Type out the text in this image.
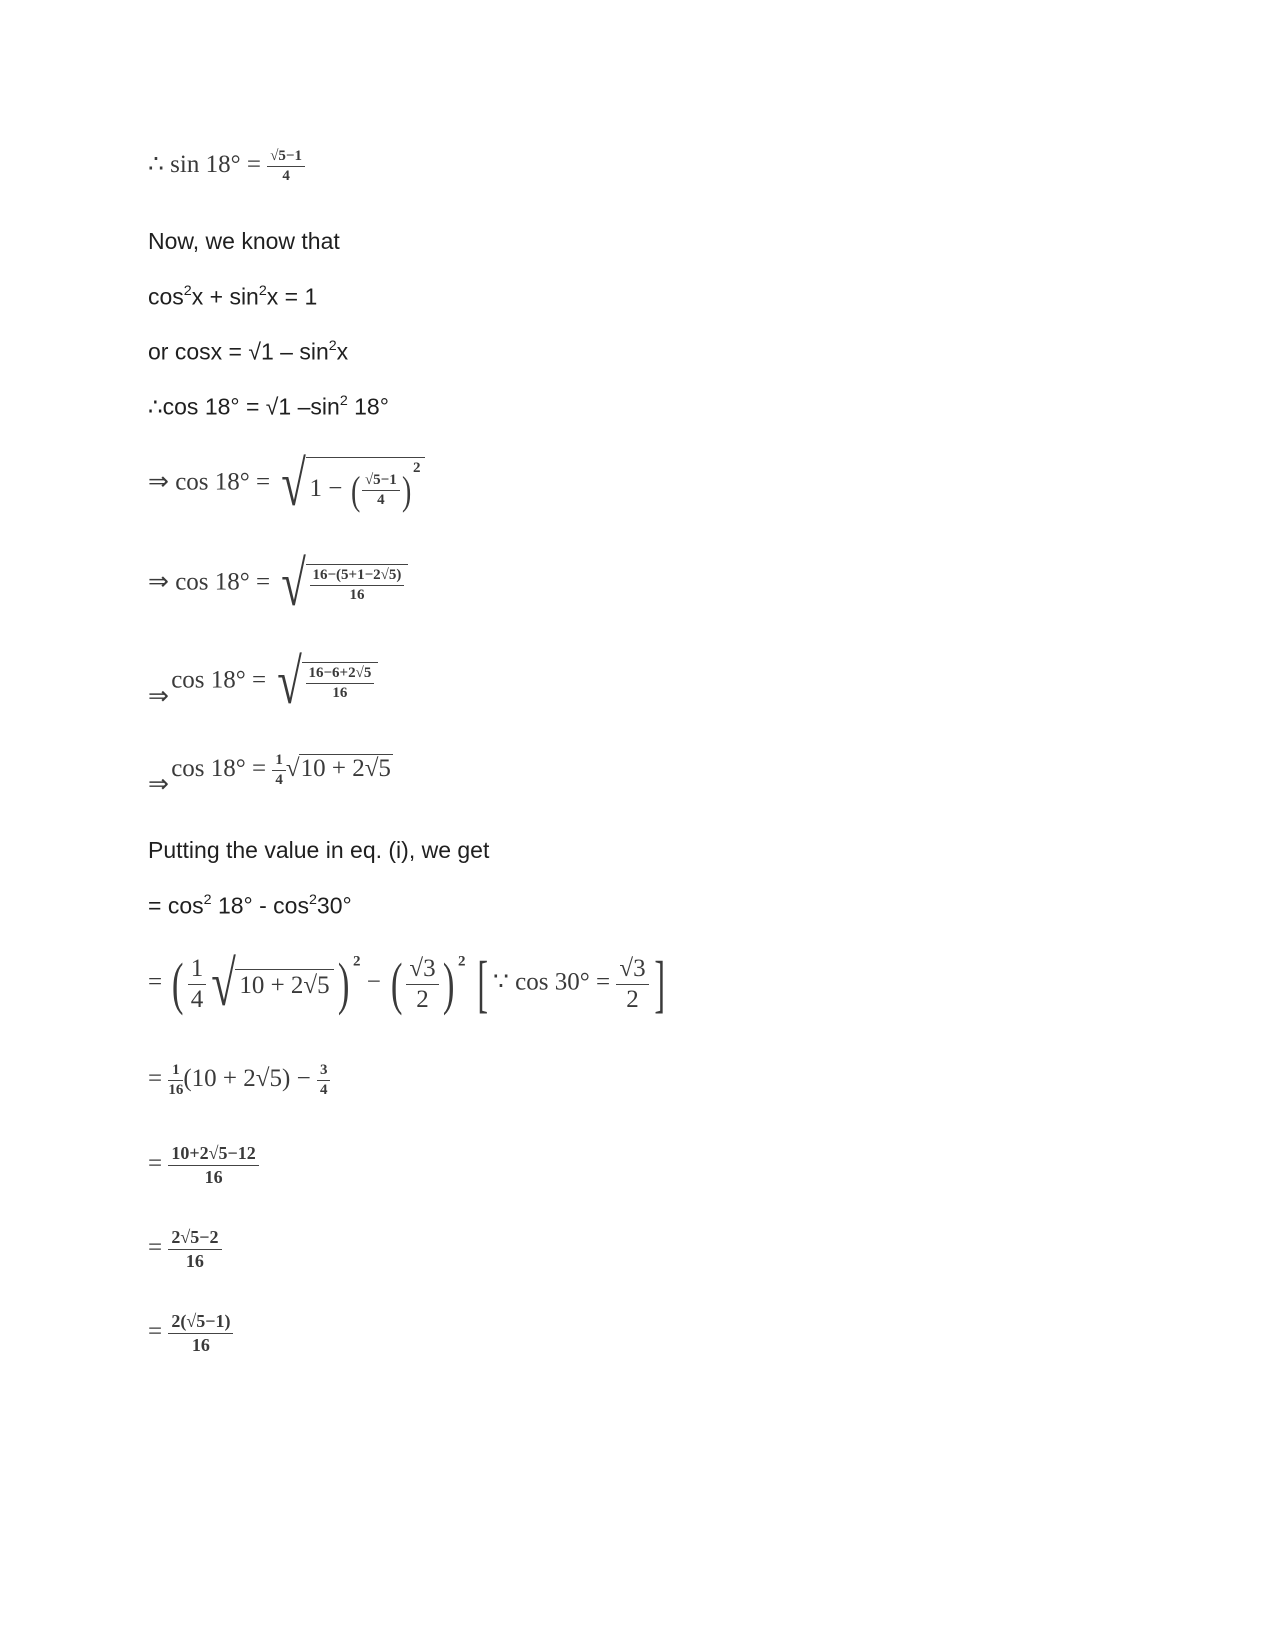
∴ $\sin 18^\circ = \frac{√5-1}{4}$
Now, we know that
$\cos^2x + \sin^2x = 1$
or $\cos x = √1 - \sin^2x$
∴cos 18° = √1 $-\sin^2$ 18°
⇒ cos 18° = √ 1 − ( $\frac{√5-1}{4}$ ) $^2$
⇒ cos 18° = √ $\frac{16-(5+1-2√5)}{16}$
⇒ cos 18° = √ $\frac{16-6+2√5}{16}$
⇒ $\cos 18^\circ = \frac{1}{4} √10 + 2√5$
Putting the value in eq. (i), we get
= $\cos^2 18^\circ - \cos^230^\circ$
= ( $\frac{1}{4}$ √ 10 + 2√5 ) $^2$ − ( $\frac{√3}{2}$ ) $^2$ [ ∵ $\cos 30^\circ = \frac{√3}{2}$ ]
= $\frac{1}{16} (10 + 2√5) - \frac{3}{4}$
= $\frac{10+2√5-12}{16}$
= $\frac{2√5-2}{16}$
= $\frac{2(√5-1)}{16}$
